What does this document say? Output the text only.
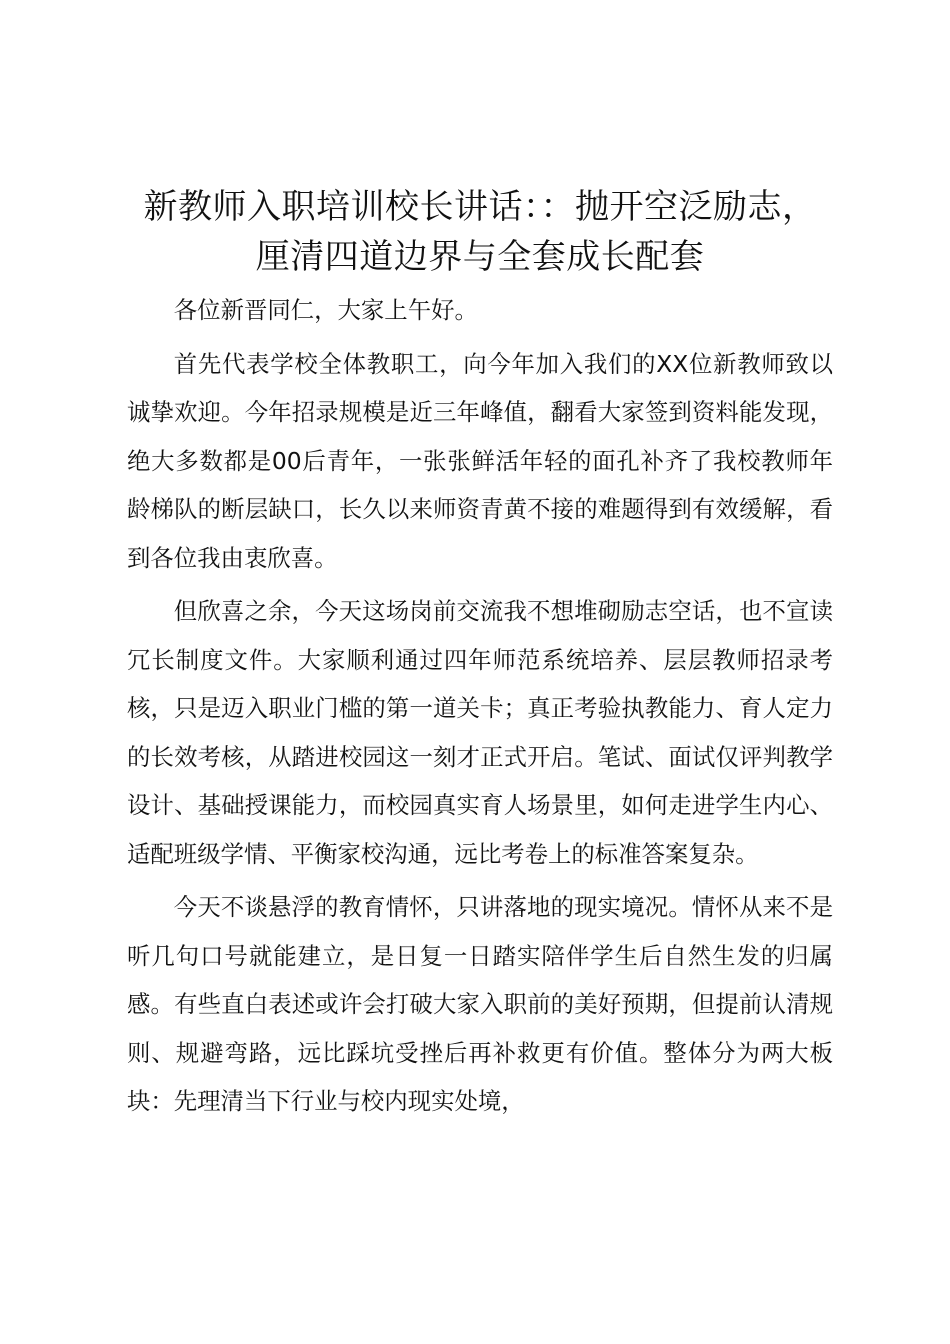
新教师入职培训校长讲话：：抛开空泛励志，
厘清四道边界与全套成长配套

各位新晋同仁，大家上午好。

首先代表学校全体教职工，向今年加入我们的XX位新教师致以诚挚欢迎。今年招录规模是近三年峰值，翻看大家签到资料能发现，绝大多数都是00后青年，一张张鲜活年轻的面孔补齐了我校教师年龄梯队的断层缺口，长久以来师资青黄不接的难题得到有效缓解，看到各位我由衷欣喜。

但欣喜之余，今天这场岗前交流我不想堆砌励志空话，也不宣读冗长制度文件。大家顺利通过四年师范系统培养、层层教师招录考核，只是迈入职业门槛的第一道关卡；真正考验执教能力、育人定力的长效考核，从踏进校园这一刻才正式开启。笔试、面试仅评判教学设计、基础授课能力，而校园真实育人场景里，如何走进学生内心、适配班级学情、平衡家校沟通，远比考卷上的标准答案复杂。

今天不谈悬浮的教育情怀，只讲落地的现实境况。情怀从来不是听几句口号就能建立，是日复一日踏实陪伴学生后自然生发的归属感。有些直白表述或许会打破大家入职前的美好预期，但提前认清规则、规避弯路，远比踩坑受挫后再补救更有价值。整体分为两大板块：先理清当下行业与校内现实处境，
